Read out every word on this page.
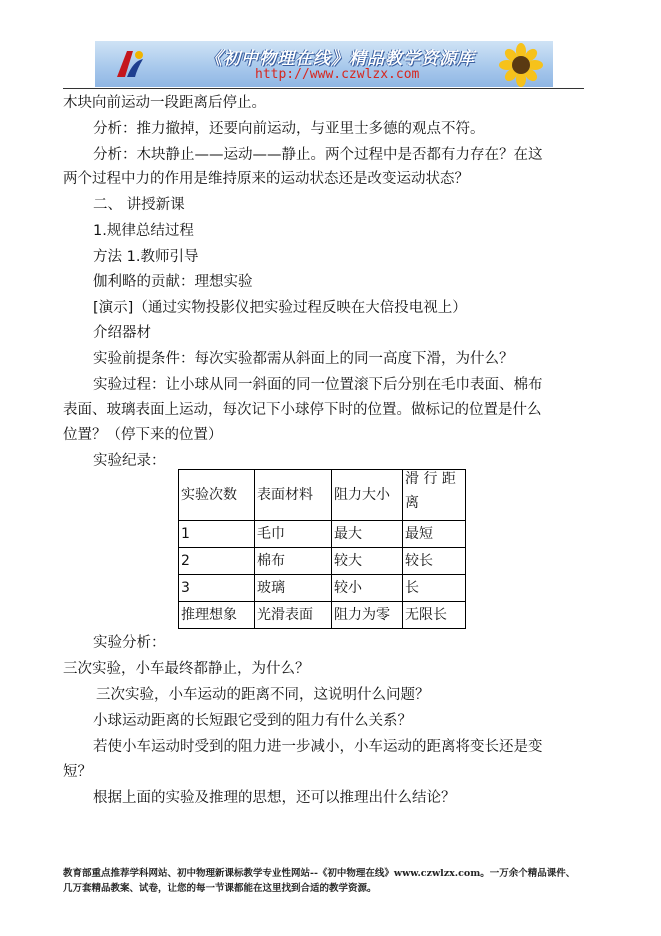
《初中物理在线》精品教学资源库
http://www.czwlzx.com
木块向前运动一段距离后停止。
分析：推力撤掉，还要向前运动，与亚里士多德的观点不符。
分析：木块静止——运动——静止。两个过程中是否都有力存在？在这
两个过程中力的作用是维持原来的运动状态还是改变运动状态？
二、 讲授新课
1.规律总结过程
方法 1.教师引导
伽利略的贡献：理想实验
[演示]（通过实物投影仪把实验过程反映在大倍投电视上）
介绍器材
实验前提条件：每次实验都需从斜面上的同一高度下滑，为什么？
实验过程：让小球从同一斜面的同一位置滚下后分别在毛巾表面、棉布
表面、玻璃表面上运动，每次记下小球停下时的位置。做标记的位置是什么
位置？（停下来的位置）
实验纪录：
实验次数	表面材料	阻力大小	滑 行 距
离

1	毛巾	最大	最短
2	棉布	较大	较长
3	玻璃	较小	长
推理想象	光滑表面	阻力为零	无限长
实验分析：
三次实验，小车最终都静止，为什么？
三次实验，小车运动的距离不同，这说明什么问题？
小球运动距离的长短跟它受到的阻力有什么关系？
若使小车运动时受到的阻力进一步减小，小车运动的距离将变长还是变
短？
根据上面的实验及推理的思想，还可以推理出什么结论？
教育部重点推荐学科网站、初中物理新课标教学专业性网站--《初中物理在线》www.czwlzx.com。一万余个精品课件、
几万套精品教案、试卷，让您的每一节课都能在这里找到合适的教学资源。
